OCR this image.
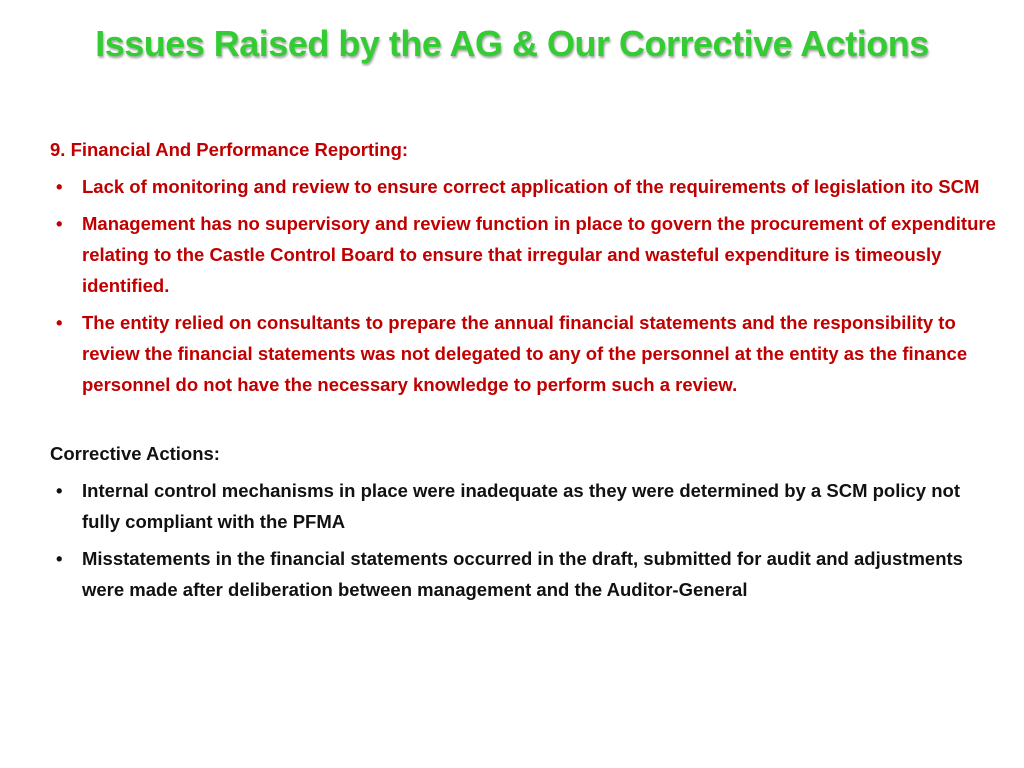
Issues Raised by the AG & Our Corrective Actions

9. Financial And Performance Reporting:

• Lack of monitoring and review to ensure correct application of the requirements of legislation ito SCM
• Management has no supervisory and review function in place to govern the procurement of expenditure relating to the Castle Control Board to ensure that irregular and wasteful expenditure is timeously identified.
• The entity relied on consultants to prepare the annual financial statements and the responsibility to review the financial statements was not delegated to any of the personnel at the entity as the finance personnel do not have the necessary knowledge to perform such a review.

Corrective Actions:

• Internal control mechanisms in place were inadequate as they were determined by a SCM policy not fully compliant with the PFMA
• Misstatements in the financial statements occurred in the draft, submitted for audit and adjustments were made after deliberation between management and the Auditor-General
